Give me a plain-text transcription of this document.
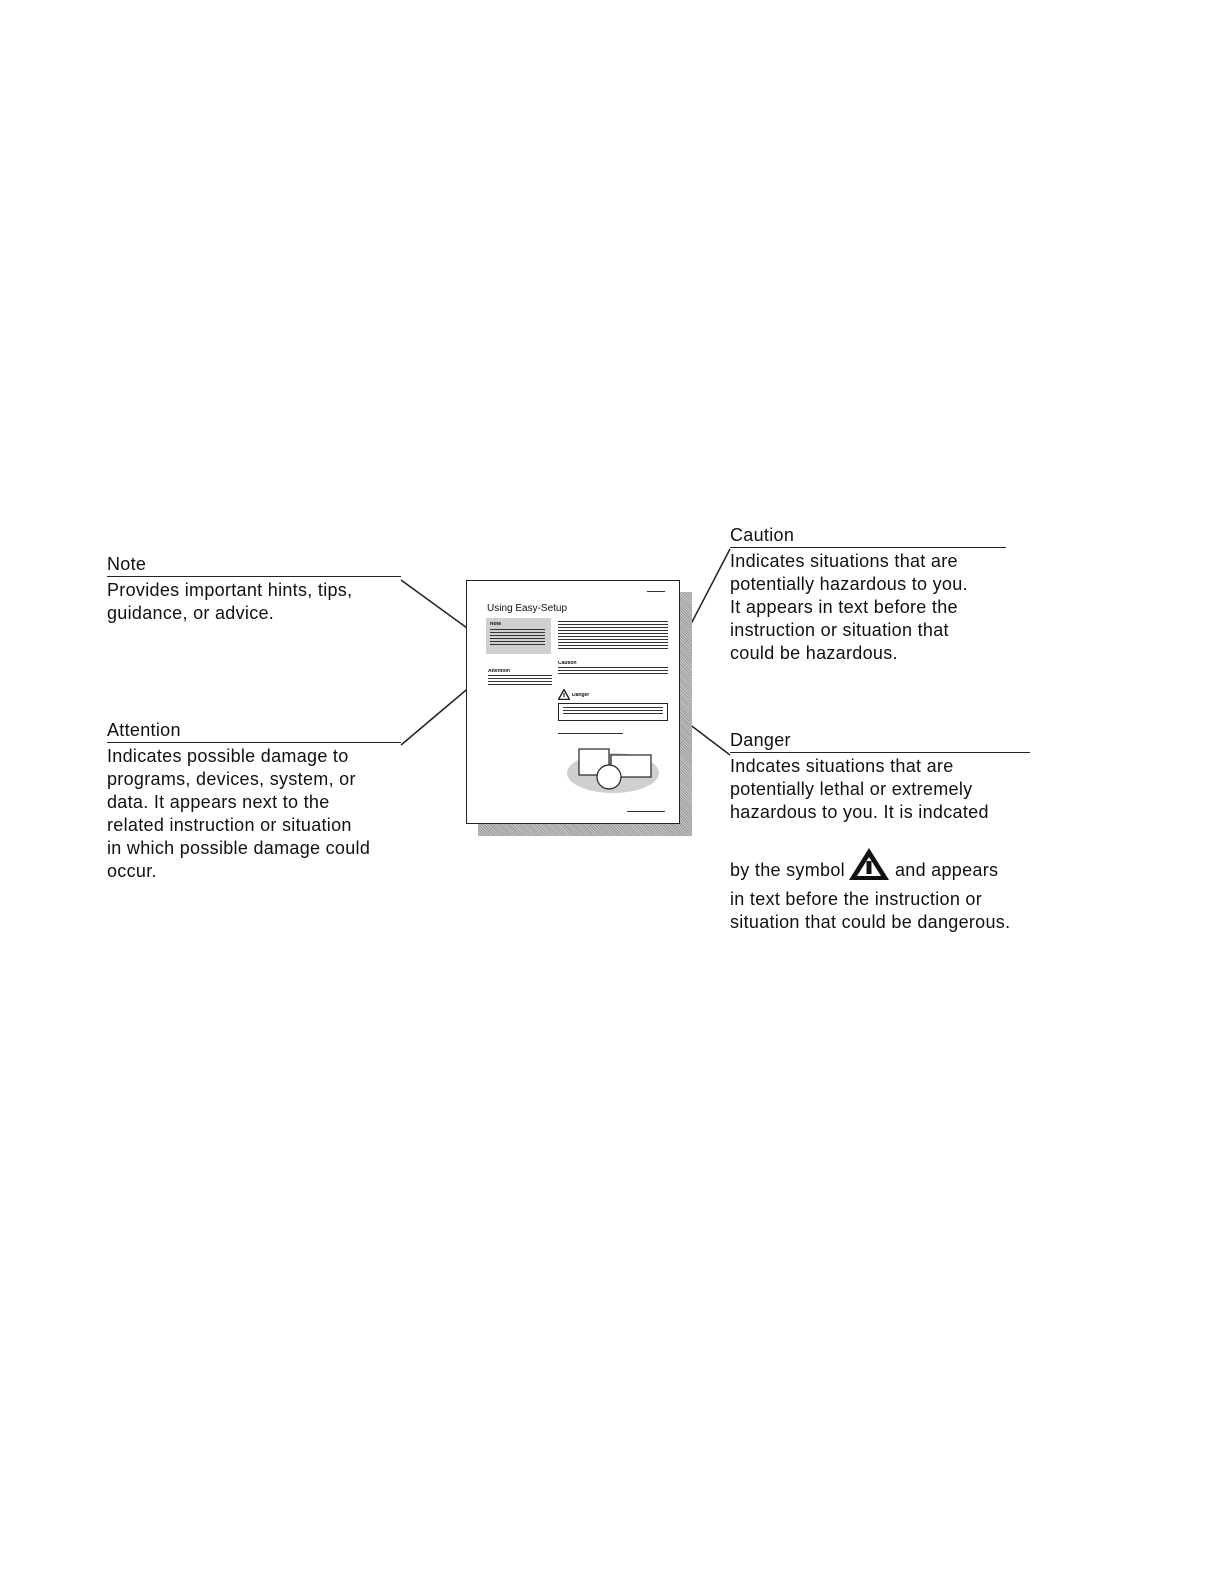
Using Easy-Setup
Note
Caution
Attention
Danger
Note
Provides important hints, tips,
guidance, or advice.
Attention
Indicates possible damage to
programs, devices, system, or
data. It appears next to the
related instruction or situation
in which possible damage could
occur.
Caution
Indicates situations that are
potentially hazardous to you.
It appears in text before the
instruction or situation that
could be hazardous.
Danger
Indcates situations that are
potentially lethal or extremely
hazardous to you. It is indcated
by the symbol	and appears
in text before the instruction or
situation that could be dangerous.
